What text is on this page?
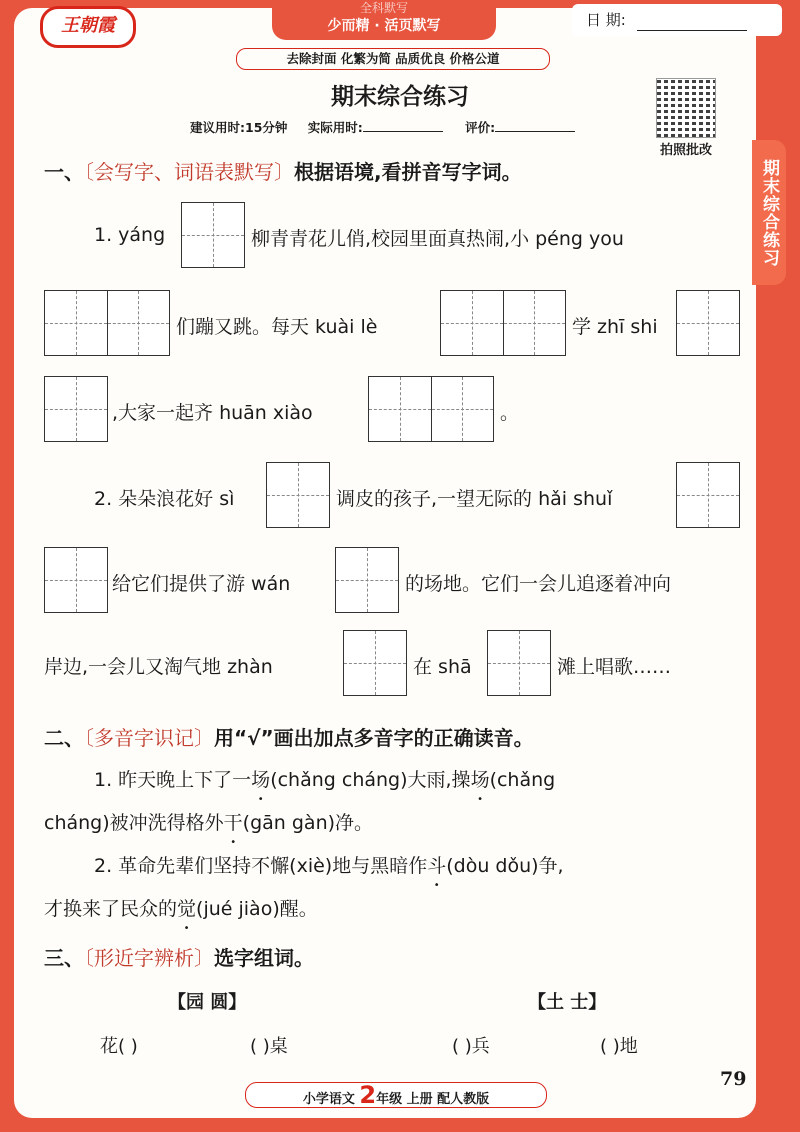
期末综合练习
王朝霞
全科默写
少而精 · 活页默写	日 期:
去除封面 化繁为简 品质优良 价格公道
期末综合练习
建议用时:15分钟 实际用时:	评价:
拍照批改
一、〔会写字、词语表默写〕根据语境,看拼音写字词。
1. yáng	柳青青花儿俏,校园里面真热闹,小 péng you
们蹦又跳。每天 kuài lè	学 zhī shi
,大家一起齐 huān xiào	。
2. 朵朵浪花好 sì	调皮的孩子,一望无际的 hǎi shuǐ
给它们提供了游 wán	的场地。它们一会儿追逐着冲向
岸边,一会儿又淘气地 zhàn	在 shā	滩上唱歌……
二、〔多音字识记〕用“√”画出加点多音字的正确读音。
1. 昨天晚上下了一场(chǎng cháng)大雨,操场(chǎng
cháng)被冲洗得格外干(gān gàn)净。
2. 革命先辈们坚持不懈(xiè)地与黑暗作斗(dòu dǒu)争,
才换来了民众的觉(jué jiào)醒。
三、〔形近字辨析〕选字组词。
【园 圆】	【土 士】
花( )	( )桌	( )兵	( )地
小学语文 2年级 上册 配人教版
79
